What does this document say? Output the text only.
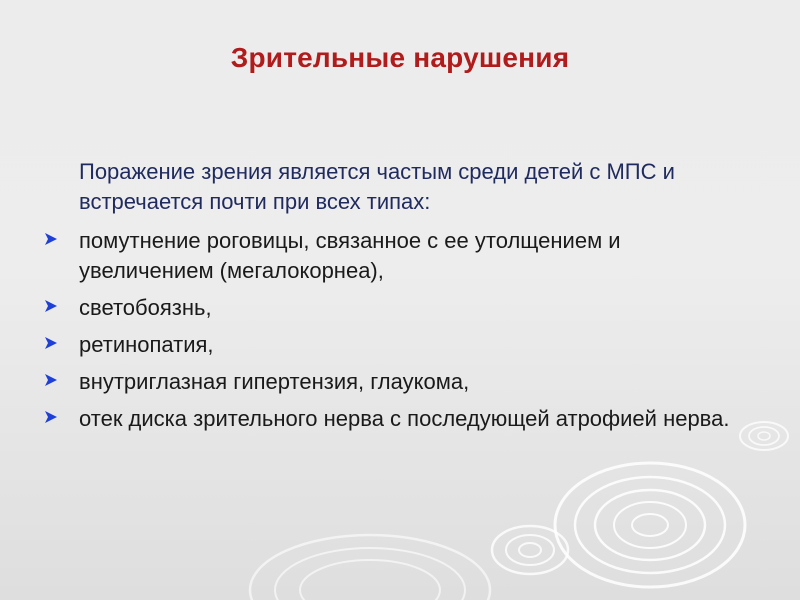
Зрительные нарушения
Поражение зрения является частым среди детей с МПС и встречается почти при всех типах:
помутнение роговицы, связанное с ее утолщением и увеличением (мегалокорнеа),
светобоязнь,
ретинопатия,
внутриглазная гипертензия, глаукома,
отек диска зрительного нерва с последующей атрофией нерва.
